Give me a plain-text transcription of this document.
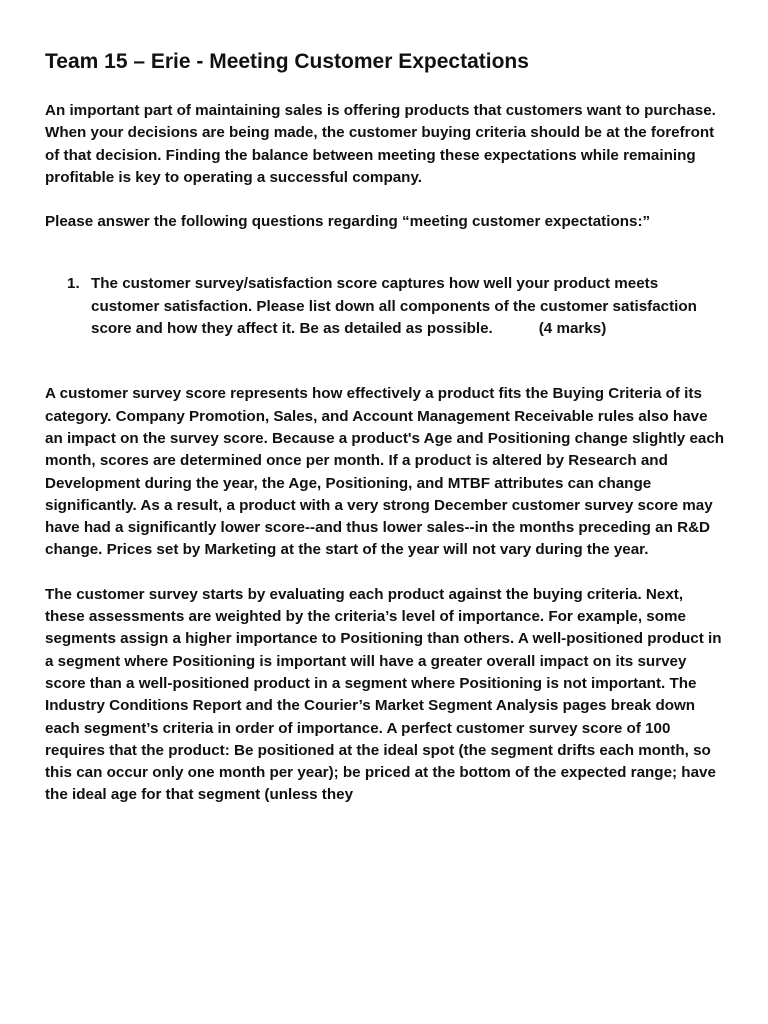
Team 15 – Erie - Meeting Customer Expectations

An important part of maintaining sales is offering products that customers want to purchase. When your decisions are being made, the customer buying criteria should be at the forefront of that decision. Finding the balance between meeting these expectations while remaining profitable is key to operating a successful company.

Please answer the following questions regarding “meeting customer expectations:”

1. The customer survey/satisfaction score captures how well your product meets customer satisfaction. Please list down all components of the customer satisfaction score and how they affect it. Be as detailed as possible.	(4 marks)

A customer survey score represents how effectively a product fits the Buying Criteria of its category. Company Promotion, Sales, and Account Management Receivable rules also have an impact on the survey score. Because a product's Age and Positioning change slightly each month, scores are determined once per month. If a product is altered by Research and Development during the year, the Age, Positioning, and MTBF attributes can change significantly. As a result, a product with a very strong December customer survey score may have had a significantly lower score--and thus lower sales--in the months preceding an R&D change. Prices set by Marketing at the start of the year will not vary during the year.

The customer survey starts by evaluating each product against the buying criteria. Next, these assessments are weighted by the criteria’s level of importance. For example, some segments assign a higher importance to Positioning than others. A well-positioned product in a segment where Positioning is important will have a greater overall impact on its survey score than a well-positioned product in a segment where Positioning is not important. The Industry Conditions Report and the Courier’s Market Segment Analysis pages break down each segment’s criteria in order of importance. A perfect customer survey score of 100 requires that the product: Be positioned at the ideal spot (the segment drifts each month, so this can occur only one month per year); be priced at the bottom of the expected range; have the ideal age for that segment (unless they
